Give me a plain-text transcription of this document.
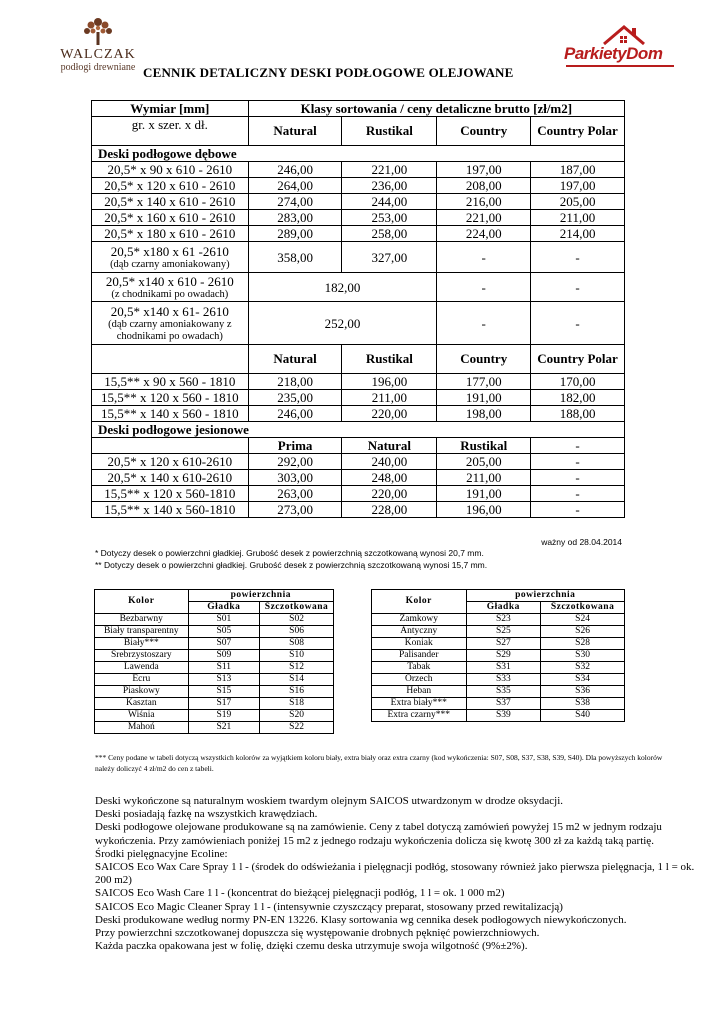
WALCZAK
podłogi drewniane
ParkietyDom
CENNIK DETALICZNY DESKI PODŁOGOWE OLEJOWANE
Wymiar [mm]	Klasy sortowania / ceny detaliczne brutto [zł/m2]			
gr. x szer. x dł.	Natural	Rustikal	Country	Country Polar
Deski podłogowe dębowe				
20,5* x 90 x 610 - 2610	246,00	221,00	197,00	187,00
20,5* x 120 x 610 - 2610	264,00	236,00	208,00	197,00
20,5* x 140 x 610 - 2610	274,00	244,00	216,00	205,00
20,5* x 160 x 610 - 2610	283,00	253,00	221,00	211,00
20,5* x 180 x 610 - 2610	289,00	258,00	224,00	214,00

20,5* x180 x 61 -2610
(dąb czarny amoniakowany)	358,00	327,00	-	-

20,5* x140 x 610 - 2610
(z chodnikami po owadach)	182,00		-	-

20,5* x140 x 61- 2610
(dąb czarny amoniakowany z chodnikami po owadach)	252,00		-	-
	Natural	Rustikal	Country	Country Polar
15,5** x 90 x 560 - 1810	218,00	196,00	177,00	170,00
15,5** x 120 x 560 - 1810	235,00	211,00	191,00	182,00
15,5** x 140 x 560 - 1810	246,00	220,00	198,00	188,00
Deski podłogowe jesionowe				
	Prima	Natural	Rustikal	-
20,5* x 120 x 610-2610	292,00	240,00	205,00	-
20,5* x 140 x 610-2610	303,00	248,00	211,00	-
15,5** x 120 x 560-1810	263,00	220,00	191,00	-
15,5** x 140 x 560-1810	273,00	228,00	196,00	-
ważny od 28.04.2014
* Dotyczy desek o powierzchni gładkiej. Grubość desek z powierzchnią szczotkowaną wynosi 20,7 mm.
** Dotyczy desek o powierzchni gładkiej. Grubość desek z powierzchnią szczotkowaną wynosi 15,7 mm.
Kolor	powierzchnia	
	Gładka	Szczotkowana
Bezbarwny	S01	S02
Biały transparentny	S05	S06
Biały***	S07	S08
Srebrzystoszary	S09	S10
Lawenda	S11	S12
Ecru	S13	S14
Piaskowy	S15	S16
Kasztan	S17	S18
Wiśnia	S19	S20
Mahoń	S21	S22
Kolor	powierzchnia	
	Gładka	Szczotkowana
Zamkowy	S23	S24
Antyczny	S25	S26
Koniak	S27	S28
Palisander	S29	S30
Tabak	S31	S32
Orzech	S33	S34
Heban	S35	S36
Extra biały***	S37	S38
Extra czarny***	S39	S40
*** Ceny podane w tabeli dotyczą wszystkich kolorów za wyjątkiem koloru biały, extra biały oraz extra czarny (kod wykończenia: S07, S08, S37, S38, S39, S40). Dla powyższych kolorów należy doliczyć 4 zł/m2 do cen z tabeli.

Deski wykończone są naturalnym woskiem twardym olejnym SAICOS utwardzonym w drodze oksydacji.

Deski posiadają fazkę na wszystkich krawędziach.

Deski podłogowe olejowane produkowane są na zamówienie. Ceny z tabel dotyczą zamówień powyżej 15 m2 w jednym rodzaju wykończenia. Przy zamówieniach poniżej 15 m2 z jednego rodzaju wykończenia dolicza się kwotę 300 zł za każdą taką partię.

Środki pielęgnacyjne Ecoline:

SAICOS Eco Wax Care Spray 1 l - (środek do odświeżania i pielęgnacji podłóg, stosowany również jako pierwsza pielęgnacja, 1 l = ok. 200 m2)

SAICOS Eco Wash Care 1 l - (koncentrat do bieżącej pielęgnacji podłóg, 1 l = ok. 1 000 m2)

SAICOS Eco Magic Cleaner Spray 1 l - (intensywnie czyszczący preparat, stosowany przed rewitalizacją)

Deski produkowane według normy PN-EN 13226. Klasy sortowania wg cennika desek podłogowych niewykończonych.

Przy powierzchni szczotkowanej dopuszcza się występowanie drobnych pęknięć powierzchniowych.

Każda paczka opakowana jest w folię, dzięki czemu deska utrzymuje swoja wilgotność (9%±2%).
